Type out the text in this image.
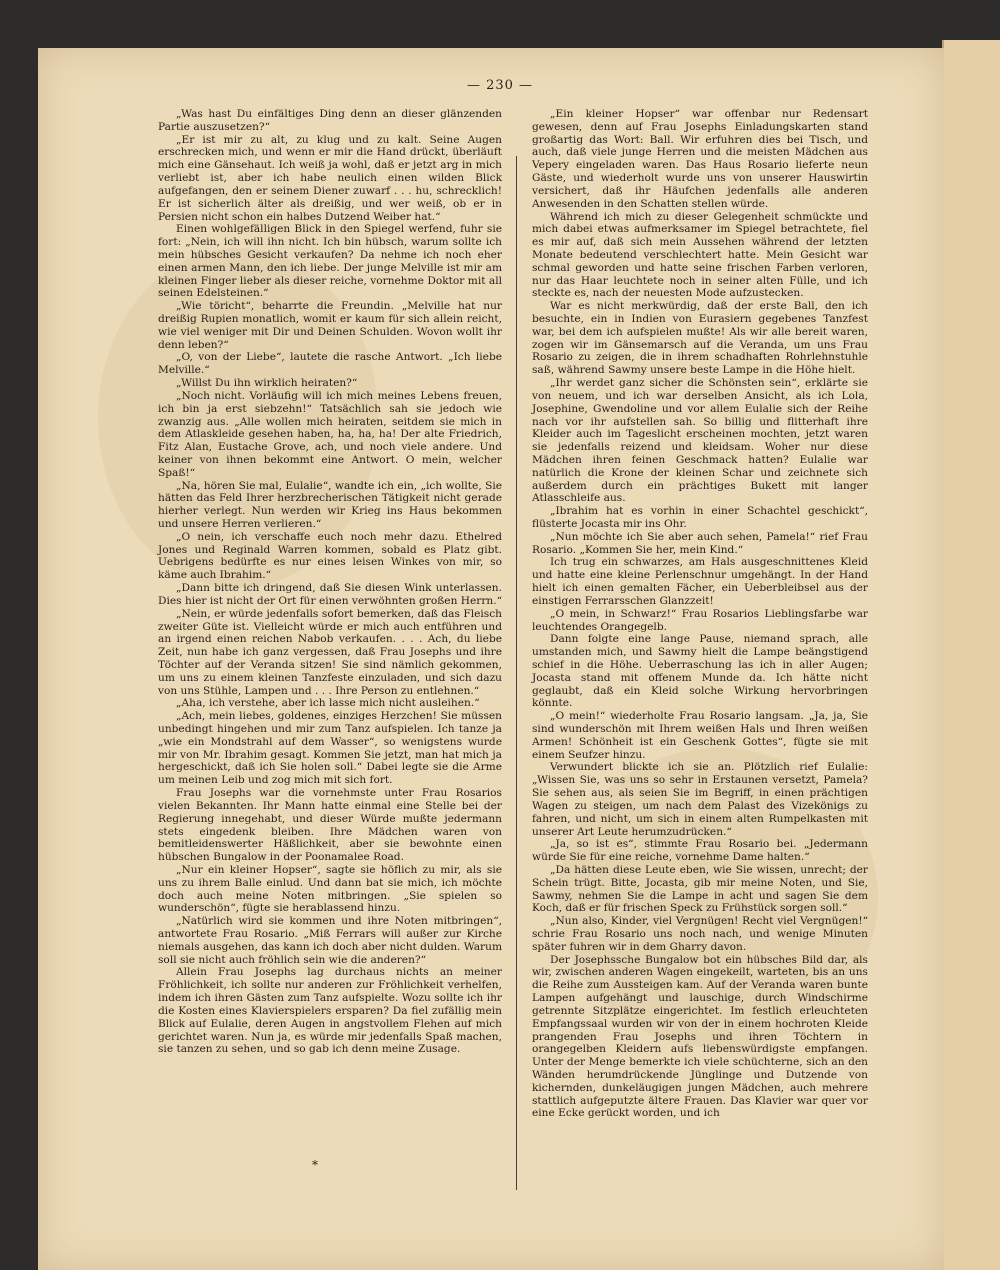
— 230 —

„Was hast Du einfältiges Ding denn an dieser glänzenden Partie auszusetzen?“

„Er ist mir zu alt, zu klug und zu kalt. Seine Augen erschrecken mich, und wenn er mir die Hand drückt, überläuft mich eine Gänsehaut. Ich weiß ja wohl, daß er jetzt arg in mich verliebt ist, aber ich habe neulich einen wilden Blick aufgefangen, den er seinem Diener zuwarf . . . hu, schrecklich! Er ist sicherlich älter als dreißig, und wer weiß, ob er in Persien nicht schon ein halbes Dutzend Weiber hat.“

Einen wohlgefälligen Blick in den Spiegel werfend, fuhr sie fort: „Nein, ich will ihn nicht. Ich bin hübsch, warum sollte ich mein hübsches Gesicht verkaufen? Da nehme ich noch eher einen armen Mann, den ich liebe. Der junge Melville ist mir am kleinen Finger lieber als dieser reiche, vornehme Doktor mit all seinen Edelsteinen.“

„Wie töricht“, beharrte die Freundin. „Melville hat nur dreißig Rupien monatlich, womit er kaum für sich allein reicht, wie viel weniger mit Dir und Deinen Schulden. Wovon wollt ihr denn leben?“

„O, von der Liebe“, lautete die rasche Antwort. „Ich liebe Melville.“

„Willst Du ihn wirklich heiraten?“

„Noch nicht. Vorläufig will ich mich meines Lebens freuen, ich bin ja erst siebzehn!“ Tatsächlich sah sie jedoch wie zwanzig aus. „Alle wollen mich heiraten, seitdem sie mich in dem Atlaskleide gesehen haben, ha, ha, ha! Der alte Friedrich, Fitz Alan, Eustache Grove, ach, und noch viele andere. Und keiner von ihnen bekommt eine Antwort. O mein, welcher Spaß!“

„Na, hören Sie mal, Eulalie“, wandte ich ein, „ich wollte, Sie hätten das Feld Ihrer herzbrecherischen Tätigkeit nicht gerade hierher verlegt. Nun werden wir Krieg ins Haus bekommen und unsere Herren verlieren.“

„O nein, ich verschaffe euch noch mehr dazu. Ethelred Jones und Reginald Warren kommen, sobald es Platz gibt. Uebrigens bedürfte es nur eines leisen Winkes von mir, so käme auch Ibrahim.“

„Dann bitte ich dringend, daß Sie diesen Wink unterlassen. Dies hier ist nicht der Ort für einen verwöhnten großen Herrn.“

„Nein, er würde jedenfalls sofort bemerken, daß das Fleisch zweiter Güte ist. Vielleicht würde er mich auch entführen und an irgend einen reichen Nabob verkaufen. . . . Ach, du liebe Zeit, nun habe ich ganz vergessen, daß Frau Josephs und ihre Töchter auf der Veranda sitzen! Sie sind nämlich gekommen, um uns zu einem kleinen Tanzfeste einzuladen, und sich dazu von uns Stühle, Lampen und . . . Ihre Person zu entlehnen.“

„Aha, ich verstehe, aber ich lasse mich nicht ausleihen.“

„Ach, mein liebes, goldenes, einziges Herzchen! Sie müssen unbedingt hingehen und mir zum Tanz aufspielen. Ich tanze ja „wie ein Mondstrahl auf dem Wasser“, so wenigstens wurde mir von Mr. Ibrahim gesagt. Kommen Sie jetzt, man hat mich ja hergeschickt, daß ich Sie holen soll.“ Dabei legte sie die Arme um meinen Leib und zog mich mit sich fort.

Frau Josephs war die vornehmste unter Frau Rosarios vielen Bekannten. Ihr Mann hatte einmal eine Stelle bei der Regierung innegehabt, und dieser Würde mußte jedermann stets eingedenk bleiben. Ihre Mädchen waren von bemitleidenswerter Häßlichkeit, aber sie bewohnte einen hübschen Bungalow in der Poonamalee Road.

„Nur ein kleiner Hopser“, sagte sie höflich zu mir, als sie uns zu ihrem Balle einlud. Und dann bat sie mich, ich möchte doch auch meine Noten mitbringen. „Sie spielen so wunderschön“, fügte sie herablassend hinzu.

„Natürlich wird sie kommen und ihre Noten mitbringen“, antwortete Frau Rosario. „Miß Ferrars will außer zur Kirche niemals ausgehen, das kann ich doch aber nicht dulden. Warum soll sie nicht auch fröhlich sein wie die anderen?“

Allein Frau Josephs lag durchaus nichts an meiner Fröhlichkeit, ich sollte nur anderen zur Fröhlichkeit verhelfen, indem ich ihren Gästen zum Tanz aufspielte. Wozu sollte ich ihr die Kosten eines Klavierspielers ersparen? Da fiel zufällig mein Blick auf Eulalie, deren Augen in angstvollem Flehen auf mich gerichtet waren. Nun ja, es würde mir jedenfalls Spaß machen, sie tanzen zu sehen, und so gab ich denn meine Zusage.

„Ein kleiner Hopser“ war offenbar nur Redensart gewesen, denn auf Frau Josephs Einladungskarten stand großartig das Wort: Ball. Wir erfuhren dies bei Tisch, und auch, daß viele junge Herren und die meisten Mädchen aus Vepery eingeladen waren. Das Haus Rosario lieferte neun Gäste, und wiederholt wurde uns von unserer Hauswirtin versichert, daß ihr Häufchen jedenfalls alle anderen Anwesenden in den Schatten stellen würde.

Während ich mich zu dieser Gelegenheit schmückte und mich dabei etwas aufmerksamer im Spiegel betrachtete, fiel es mir auf, daß sich mein Aussehen während der letzten Monate bedeutend verschlechtert hatte. Mein Gesicht war schmal geworden und hatte seine frischen Farben verloren, nur das Haar leuchtete noch in seiner alten Fülle, und ich steckte es, nach der neuesten Mode aufzustecken.

War es nicht merkwürdig, daß der erste Ball, den ich besuchte, ein in Indien von Eurasiern gegebenes Tanzfest war, bei dem ich aufspielen mußte! Als wir alle bereit waren, zogen wir im Gänsemarsch auf die Veranda, um uns Frau Rosario zu zeigen, die in ihrem schadhaften Rohrlehnstuhle saß, während Sawmy unsere beste Lampe in die Höhe hielt.

„Ihr werdet ganz sicher die Schönsten sein“, erklärte sie von neuem, und ich war derselben Ansicht, als ich Lola, Josephine, Gwendoline und vor allem Eulalie sich der Reihe nach vor ihr aufstellen sah. So billig und flitterhaft ihre Kleider auch im Tageslicht erscheinen mochten, jetzt waren sie jedenfalls reizend und kleidsam. Woher nur diese Mädchen ihren feinen Geschmack hatten? Eulalie war natürlich die Krone der kleinen Schar und zeichnete sich außerdem durch ein prächtiges Bukett mit langer Atlasschleife aus.

„Ibrahim hat es vorhin in einer Schachtel geschickt“, flüsterte Jocasta mir ins Ohr.

„Nun möchte ich Sie aber auch sehen, Pamela!“ rief Frau Rosario. „Kommen Sie her, mein Kind.“

Ich trug ein schwarzes, am Hals ausgeschnittenes Kleid und hatte eine kleine Perlenschnur umgehängt. In der Hand hielt ich einen gemalten Fächer, ein Ueberbleibsel aus der einstigen Ferrarsschen Glanzzeit!

„O mein, in Schwarz!“ Frau Rosarios Lieblingsfarbe war leuchtendes Orangegelb.

Dann folgte eine lange Pause, niemand sprach, alle umstanden mich, und Sawmy hielt die Lampe beängstigend schief in die Höhe. Ueberraschung las ich in aller Augen; Jocasta stand mit offenem Munde da. Ich hätte nicht geglaubt, daß ein Kleid solche Wirkung hervorbringen könnte.

„O mein!“ wiederholte Frau Rosario langsam. „Ja, ja, Sie sind wunderschön mit Ihrem weißen Hals und Ihren weißen Armen! Schönheit ist ein Geschenk Gottes“, fügte sie mit einem Seufzer hinzu.

Verwundert blickte ich sie an. Plötzlich rief Eulalie: „Wissen Sie, was uns so sehr in Erstaunen versetzt, Pamela? Sie sehen aus, als seien Sie im Begriff, in einen prächtigen Wagen zu steigen, um nach dem Palast des Vizekönigs zu fahren, und nicht, um sich in einem alten Rumpelkasten mit unserer Art Leute herumzudrücken.“

„Ja, so ist es“, stimmte Frau Rosario bei. „Jedermann würde Sie für eine reiche, vornehme Dame halten.“

„Da hätten diese Leute eben, wie Sie wissen, unrecht; der Schein trügt. Bitte, Jocasta, gib mir meine Noten, und Sie, Sawmy, nehmen Sie die Lampe in acht und sagen Sie dem Koch, daß er für frischen Speck zu Frühstück sorgen soll.“

„Nun also, Kinder, viel Vergnügen! Recht viel Vergnügen!“ schrie Frau Rosario uns noch nach, und wenige Minuten später fuhren wir in dem Gharry davon.

Der Josephssche Bungalow bot ein hübsches Bild dar, als wir, zwischen anderen Wagen eingekeilt, warteten, bis an uns die Reihe zum Aussteigen kam. Auf der Veranda waren bunte Lampen aufgehängt und lauschige, durch Windschirme getrennte Sitzplätze eingerichtet. Im festlich erleuchteten Empfangssaal wurden wir von der in einem hochroten Kleide prangenden Frau Josephs und ihren Töchtern in orangegelben Kleidern aufs liebenswürdigste empfangen. Unter der Menge bemerkte ich viele schüchterne, sich an den Wänden herumdrückende Jünglinge und Dutzende von kichernden, dunkeläugigen jungen Mädchen, auch mehrere stattlich aufgeputzte ältere Frauen. Das Klavier war quer vor eine Ecke gerückt worden, und ich

*
